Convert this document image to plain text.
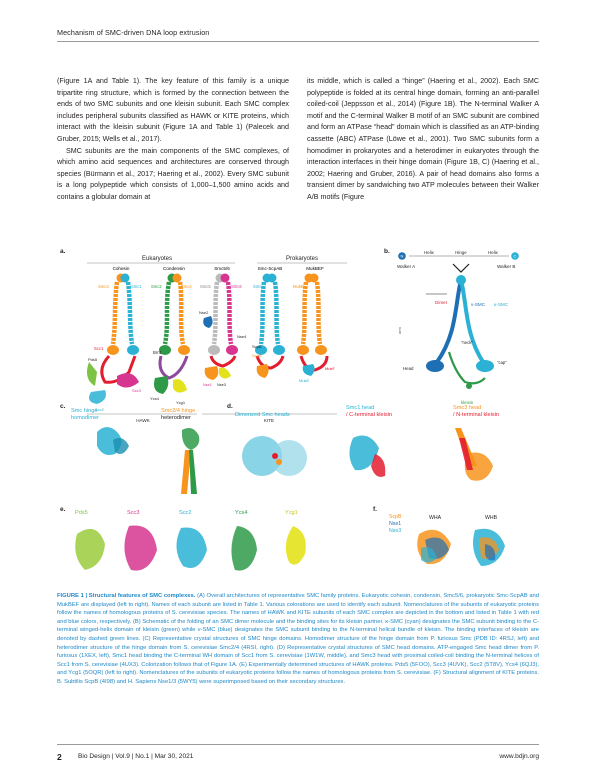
Mechanism of SMC-driven DNA loop extrusion

(Figure 1A and Table 1). The key feature of this family is a unique tripartite ring structure, which is formed by the connection between the ends of two SMC subunits and one kleisin subunit. Each SMC complex includes peripheral subunits classified as HAWK or KITE proteins, which interact with the kleisin subunit (Figure 1A and Table 1) (Palecek and Gruber, 2015; Wells et al., 2017).

SMC subunits are the main components of the SMC complexes, of which amino acid sequences and architectures are conserved through species (Bürmann et al., 2017; Haering et al., 2002). Every SMC subunit is a long polypeptide which consists of 1,000–1,500 amino acids and contains a globular domain at

its middle, which is called a “hinge” (Haering et al., 2002). Each SMC polypeptide is folded at its central hinge domain, forming an anti-parallel coiled-coil (Jeppsson et al., 2014) (Figure 1B). The N-terminal Walker A motif and the C-terminal Walker B motif of an SMC subunit are combined and form an ATPase “head” domain which is classified as an ATP-binding cassette (ABC) ATPase (Löwe et al., 2001). Two SMC subunits form a homodimer in prokaryotes and a heterodimer in eukaryotes through the interaction interfaces in their hinge domain (Figure 1B, C) (Haering et al., 2002; Haering and Gruber, 2016). A pair of head domains also forms a transient dimer by sandwiching two ATP molecules between their Walker A/B motifs (Figure

a.
Eukaryotes	Prokaryotes
Cohesin	Condensin	Smc5/6	Smc-ScpAB	MukBEF
Smc3	Smc1
Scc1
Pds5
Scc3
Scc2
Smc2	Smc4
Brn1
Ycs4
Ycg1
Smc5	Smc6
Nse2
Nse4
Nse1 Nse3
Smc
ScpA
ScpB
MukB
MukF
MukE
HAWK	KITE
b.	Helix	Hinge	Helix
N	C
Walker A	Walker B
Dimer	ν-SMC κ-SMC
"neck"
"cap"
Head
arm
kleisin
c.
Smc hinge
homodimer
Smc2/4 hinge
heterodimer
d.
Dimerized Smc heads
Smc1 head
/ C-terminal kleisin
Smc3 head
/ N-terminal kleisin
e. Pds5	Scc3	Scc2	Ycs4	Ycg1	f.
ScpB
Nse1
Nse3
WHA	WHB
FIGURE 1 | Structural features of SMC complexes. (A) Overall architectures of representative SMC family proteins. Eukaryotic cohesin, condensin, Smc5/6, prokaryotic Smc-ScpAB and MukBEF are displayed (left to right). Names of each subunit are listed in Table 1. Various colorations are used to identify each subunit. Nomenclatures of the subunits of eukaryotic proteins follow the names of homologous proteins of S. cerevisiae species. The names of HAWK and KITE subunits of each SMC complex are depicted in the bottom and listed in Table 1 with red and blue colors, respectively. (B) Schematic of the folding of an SMC dimer molecule and the binding sites for its kleisin partner. κ-SMC (cyan) designates the SMC subunit binding to the C-terminal winged-helix domain of kleisin (green) while ν-SMC (blue) designates the SMC subunit binding to the N-terminal helical bundle of kleisin. The binding interfaces of kleisin are denoted by dashed green lines. (C) Representative crystal structures of SMC hinge domains. Homodimer structure of the hinge domain from P. furiosus Smc (PDB ID: 4RSJ, left) and heterodimer structure of the hinge domain from S. cerevisiae Smc2/4 (4RSI, right). (D) Representative crystal structures of SMC head domains. ATP-engaged Smc head dimer from P. furiosus (1XEX, left), Smc1 head binding the C-terminal WH domain of Scc1 from S. cerevisiae (1W1W, middle), and Smc3 head with proximal coiled-coil binding the N-terminal helices of Scc1 from S. cerevisiae (4UX3). Colorization follows that of Figure 1A. (E) Experimentally determined structures of HAWK proteins. Pds5 (5FOO), Scc3 (4UVK), Scc2 (5T8V), Ycs4 (6QJ3), and Ycg1 (5OQR) (left to right). Nomenclatures of the subunits of eukaryotic proteins follow the names of homologous proteins from S. cerevisiae. (F) Structural alignment of KITE proteins. B. Subtilis ScpB (4I98) and H. Sapiens Nse1/3 (5WY5) were superimposed based on their secondary structures.
2 Bio Design | Vol.9 | No.1 | Mar 30, 2021	www.bdjn.org
